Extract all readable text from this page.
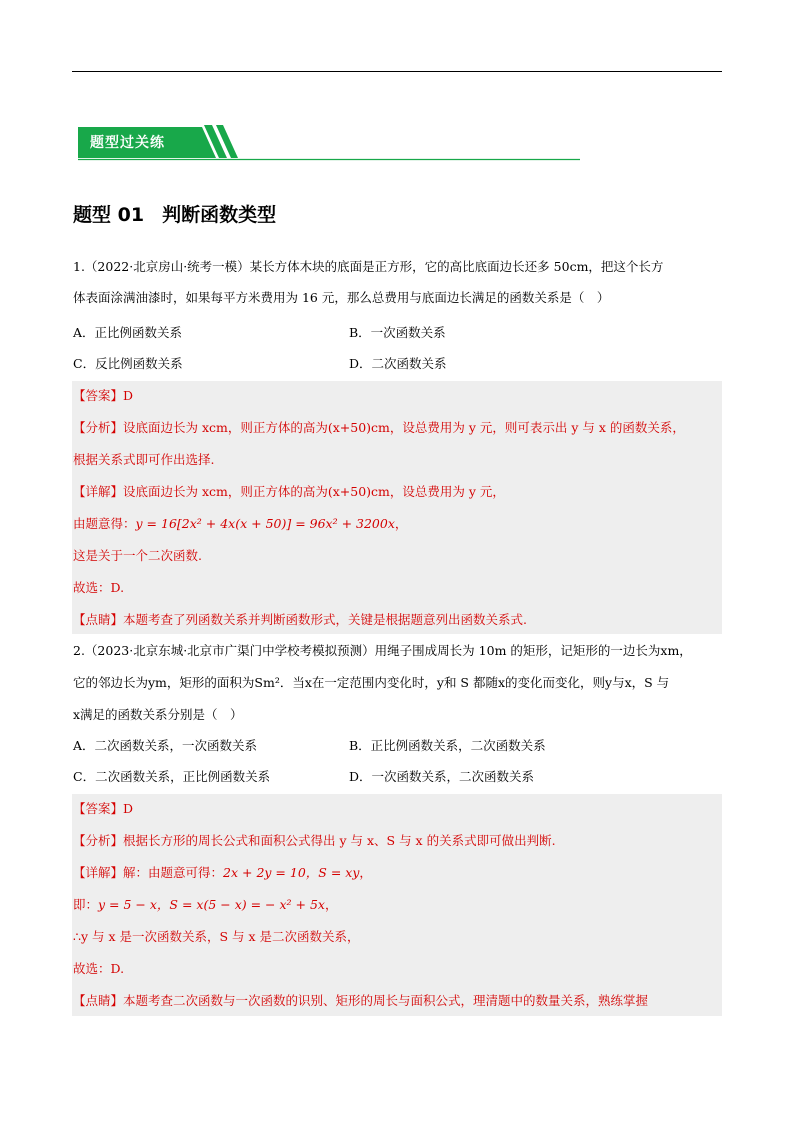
题型过关练
题型 01 判断函数类型
1.（2022·北京房山·统考一模）某长方体木块的底面是正方形，它的高比底面边长还多 50cm，把这个长方
体表面涂满油漆时，如果每平方米费用为 16 元，那么总费用与底面边长满足的函数关系是（　）
A．正比例函数关系	B．一次函数关系
C．反比例函数关系	D．二次函数关系
【答案】D
【分析】设底面边长为 xcm，则正方体的高为(x+50)cm，设总费用为 y 元，则可表示出 y 与 x 的函数关系，
根据关系式即可作出选择.
【详解】设底面边长为 xcm，则正方体的高为(x+50)cm，设总费用为 y 元，
由题意得：y = 16[2x² + 4x(x + 50)] = 96x² + 3200x，
这是关于一个二次函数.
故选：D.
【点睛】本题考查了列函数关系并判断函数形式，关键是根据题意列出函数关系式.
2.（2023·北京东城·北京市广渠门中学校考模拟预测）用绳子围成周长为 10m 的矩形，记矩形的一边长为xm，
它的邻边长为ym，矩形的面积为Sm²．当x在一定范围内变化时，y和 S 都随x的变化而变化，则y与x，S 与
x满足的函数关系分别是（　）
A．二次函数关系，一次函数关系	B．正比例函数关系，二次函数关系
C．二次函数关系，正比例函数关系	D．一次函数关系，二次函数关系
【答案】D
【分析】根据长方形的周长公式和面积公式得出 y 与 x、S 与 x 的关系式即可做出判断.
【详解】解：由题意可得：2x + 2y = 10，S = xy，
即：y = 5 − x，S = x(5 − x) = − x² + 5x，
∴y 与 x 是一次函数关系，S 与 x 是二次函数关系，
故选：D.
【点睛】本题考查二次函数与一次函数的识别、矩形的周长与面积公式，理清题中的数量关系，熟练掌握
